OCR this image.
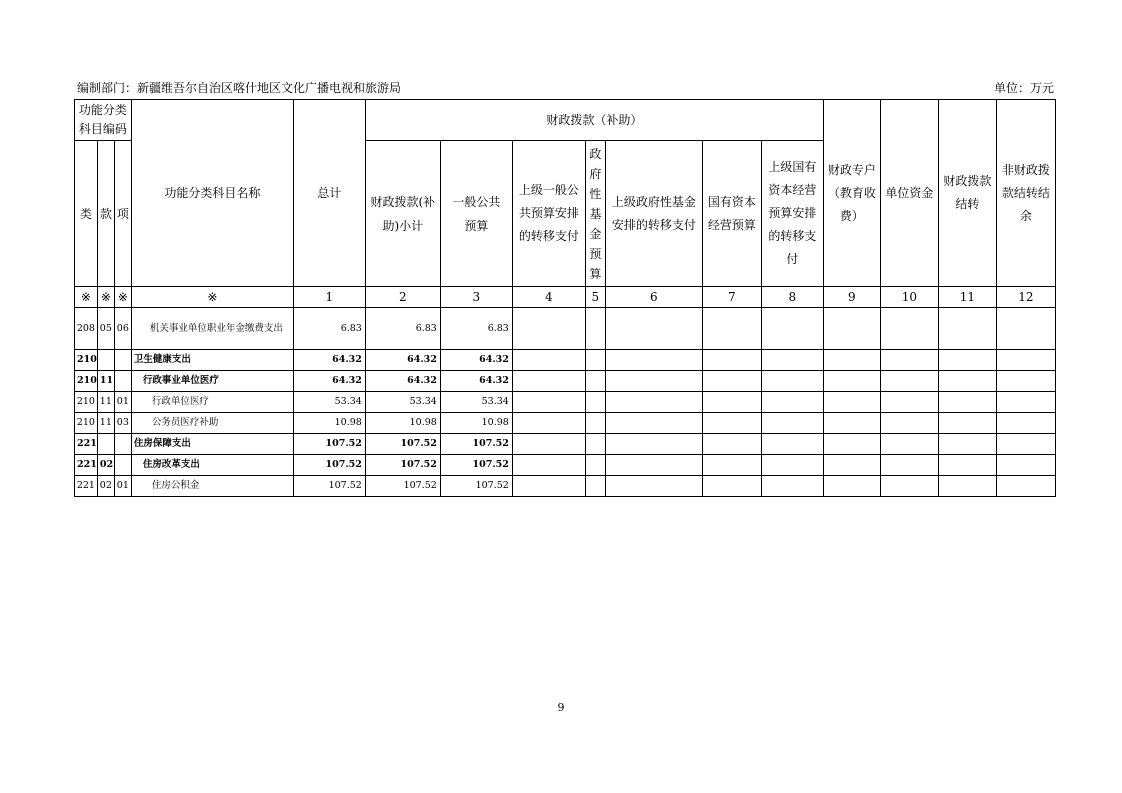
编制部门：新疆维吾尔自治区喀什地区文化广播电视和旅游局	单位：万元
功能分类科目编码			功能分类科目名称	总计	财政拨款（补助）							财政专户（教育收费）	单位资金	财政拨款结转	非财政拨款结转结余
类	款	项			财政拨款(补助)小计	一般公共预算	上级一般公共预算安排的转移支付	政府性基金预算	上级政府性基金安排的转移支付	国有资本经营预算	上级国有资本经营预算安排的转移支付				
※	※	※	※	1	2	3	4	5	6	7	8	9	10	11	12
208	05	06	机关事业单位职业年金缴费支出	6.83	6.83	6.83									
210			卫生健康支出	64.32	64.32	64.32									
210	11		行政事业单位医疗	64.32	64.32	64.32									
210	11	01	行政单位医疗	53.34	53.34	53.34									
210	11	03	公务员医疗补助	10.98	10.98	10.98									
221			住房保障支出	107.52	107.52	107.52									
221	02		住房改革支出	107.52	107.52	107.52									
221	02	01	住房公积金	107.52	107.52	107.52									
9
